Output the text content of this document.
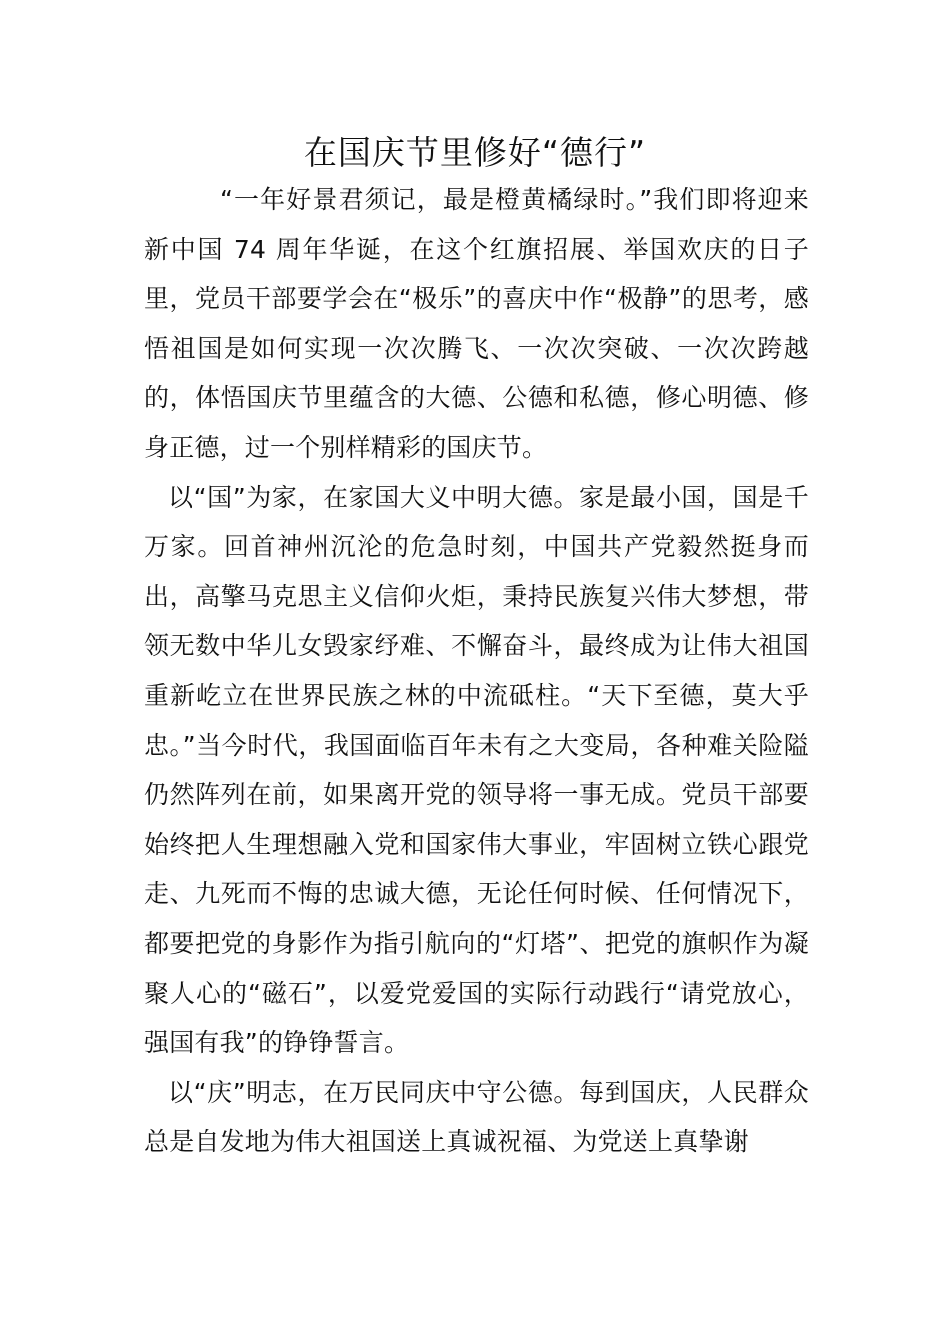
在国庆节里修好“德行”

“一年好景君须记，最是橙黄橘绿时。”我们即将迎来新中国 74 周年华诞，在这个红旗招展、举国欢庆的日子里，党员干部要学会在“极乐”的喜庆中作“极静”的思考，感悟祖国是如何实现一次次腾飞、一次次突破、一次次跨越的，体悟国庆节里蕴含的大德、公德和私德，修心明德、修身正德，过一个别样精彩的国庆节。

以“国”为家，在家国大义中明大德。家是最小国，国是千万家。回首神州沉沦的危急时刻，中国共产党毅然挺身而出，高擎马克思主义信仰火炬，秉持民族复兴伟大梦想，带领无数中华儿女毁家纾难、不懈奋斗，最终成为让伟大祖国重新屹立在世界民族之林的中流砥柱。“天下至德，莫大乎忠。”当今时代，我国面临百年未有之大变局，各种难关险隘仍然阵列在前，如果离开党的领导将一事无成。党员干部要始终把人生理想融入党和国家伟大事业，牢固树立铁心跟党走、九死而不悔的忠诚大德，无论任何时候、任何情况下，都要把党的身影作为指引航向的“灯塔”、把党的旗帜作为凝聚人心的“磁石”，以爱党爱国的实际行动践行“请党放心，强国有我”的铮铮誓言。

以“庆”明志，在万民同庆中守公德。每到国庆，人民群众总是自发地为伟大祖国送上真诚祝福、为党送上真挚谢
